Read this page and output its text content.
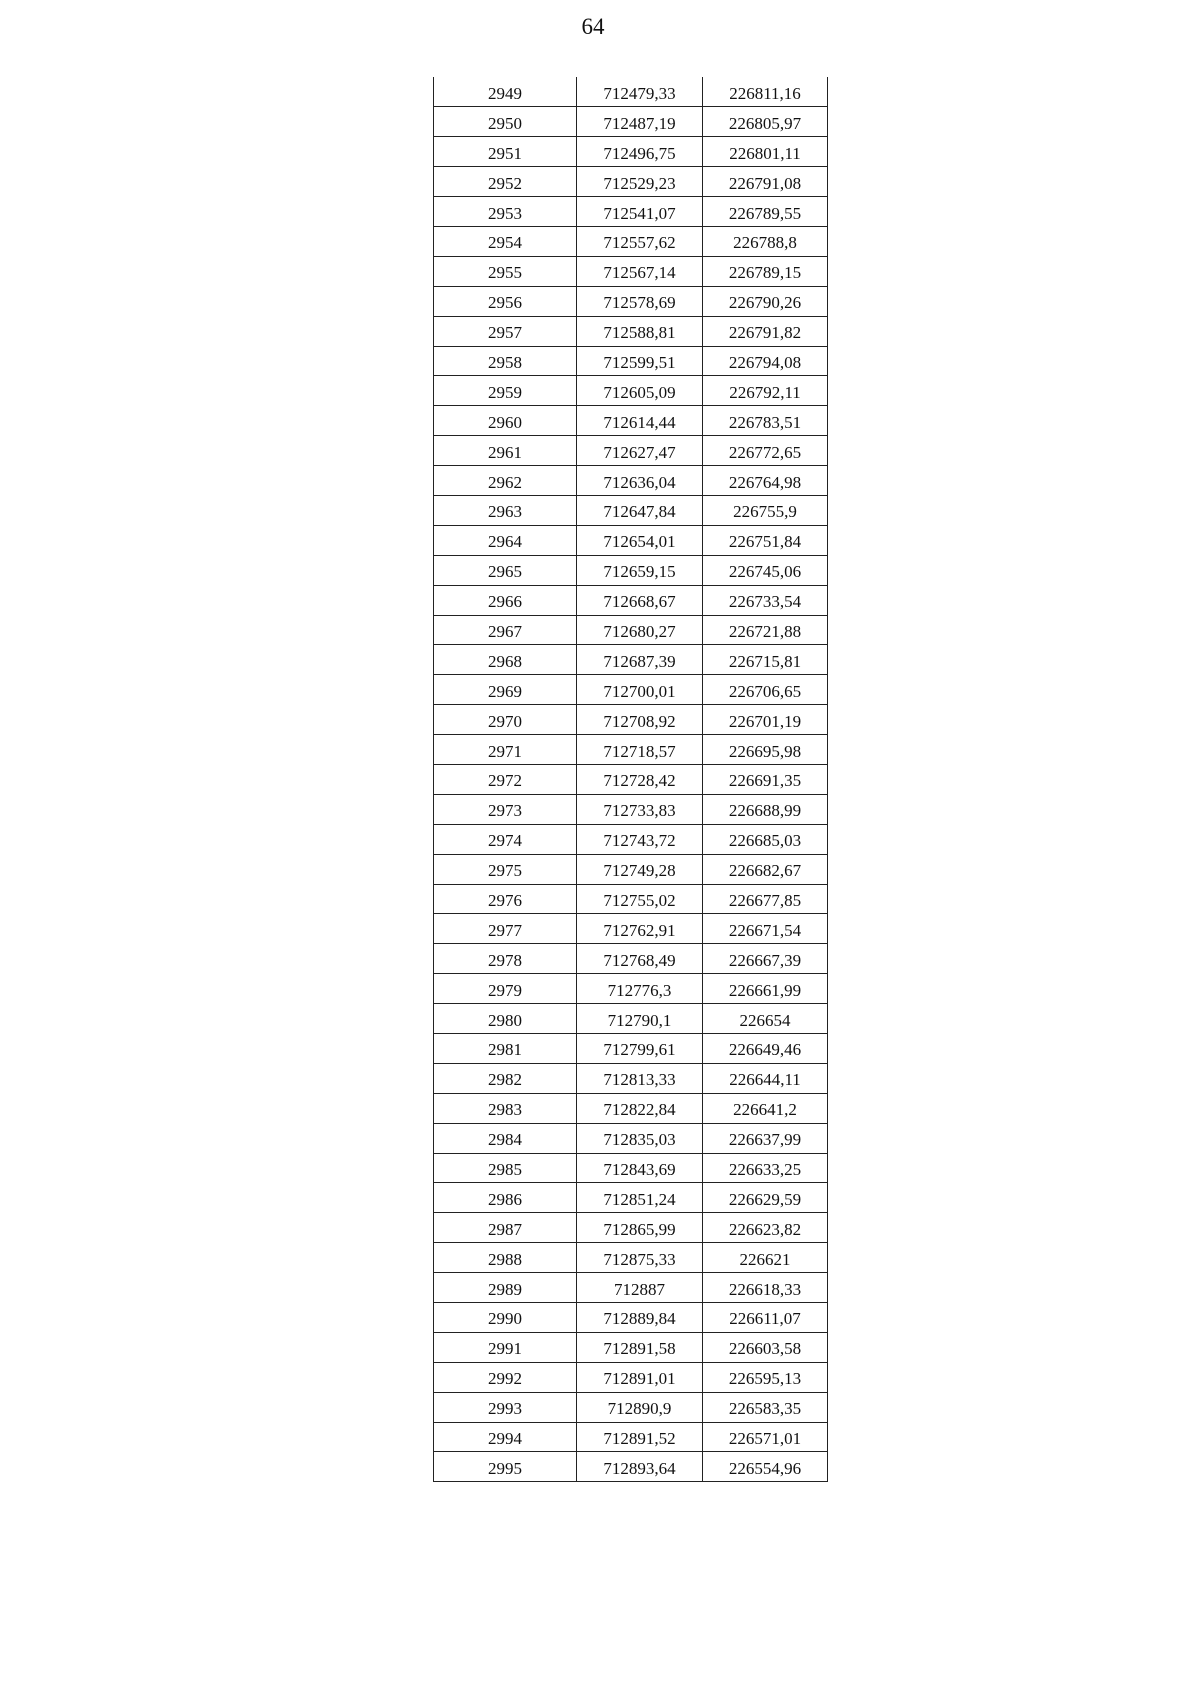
64
2949	712479,33	226811,16
2950	712487,19	226805,97
2951	712496,75	226801,11
2952	712529,23	226791,08
2953	712541,07	226789,55
2954	712557,62	226788,8
2955	712567,14	226789,15
2956	712578,69	226790,26
2957	712588,81	226791,82
2958	712599,51	226794,08
2959	712605,09	226792,11
2960	712614,44	226783,51
2961	712627,47	226772,65
2962	712636,04	226764,98
2963	712647,84	226755,9
2964	712654,01	226751,84
2965	712659,15	226745,06
2966	712668,67	226733,54
2967	712680,27	226721,88
2968	712687,39	226715,81
2969	712700,01	226706,65
2970	712708,92	226701,19
2971	712718,57	226695,98
2972	712728,42	226691,35
2973	712733,83	226688,99
2974	712743,72	226685,03
2975	712749,28	226682,67
2976	712755,02	226677,85
2977	712762,91	226671,54
2978	712768,49	226667,39
2979	712776,3	226661,99
2980	712790,1	226654
2981	712799,61	226649,46
2982	712813,33	226644,11
2983	712822,84	226641,2
2984	712835,03	226637,99
2985	712843,69	226633,25
2986	712851,24	226629,59
2987	712865,99	226623,82
2988	712875,33	226621
2989	712887	226618,33
2990	712889,84	226611,07
2991	712891,58	226603,58
2992	712891,01	226595,13
2993	712890,9	226583,35
2994	712891,52	226571,01
2995	712893,64	226554,96
